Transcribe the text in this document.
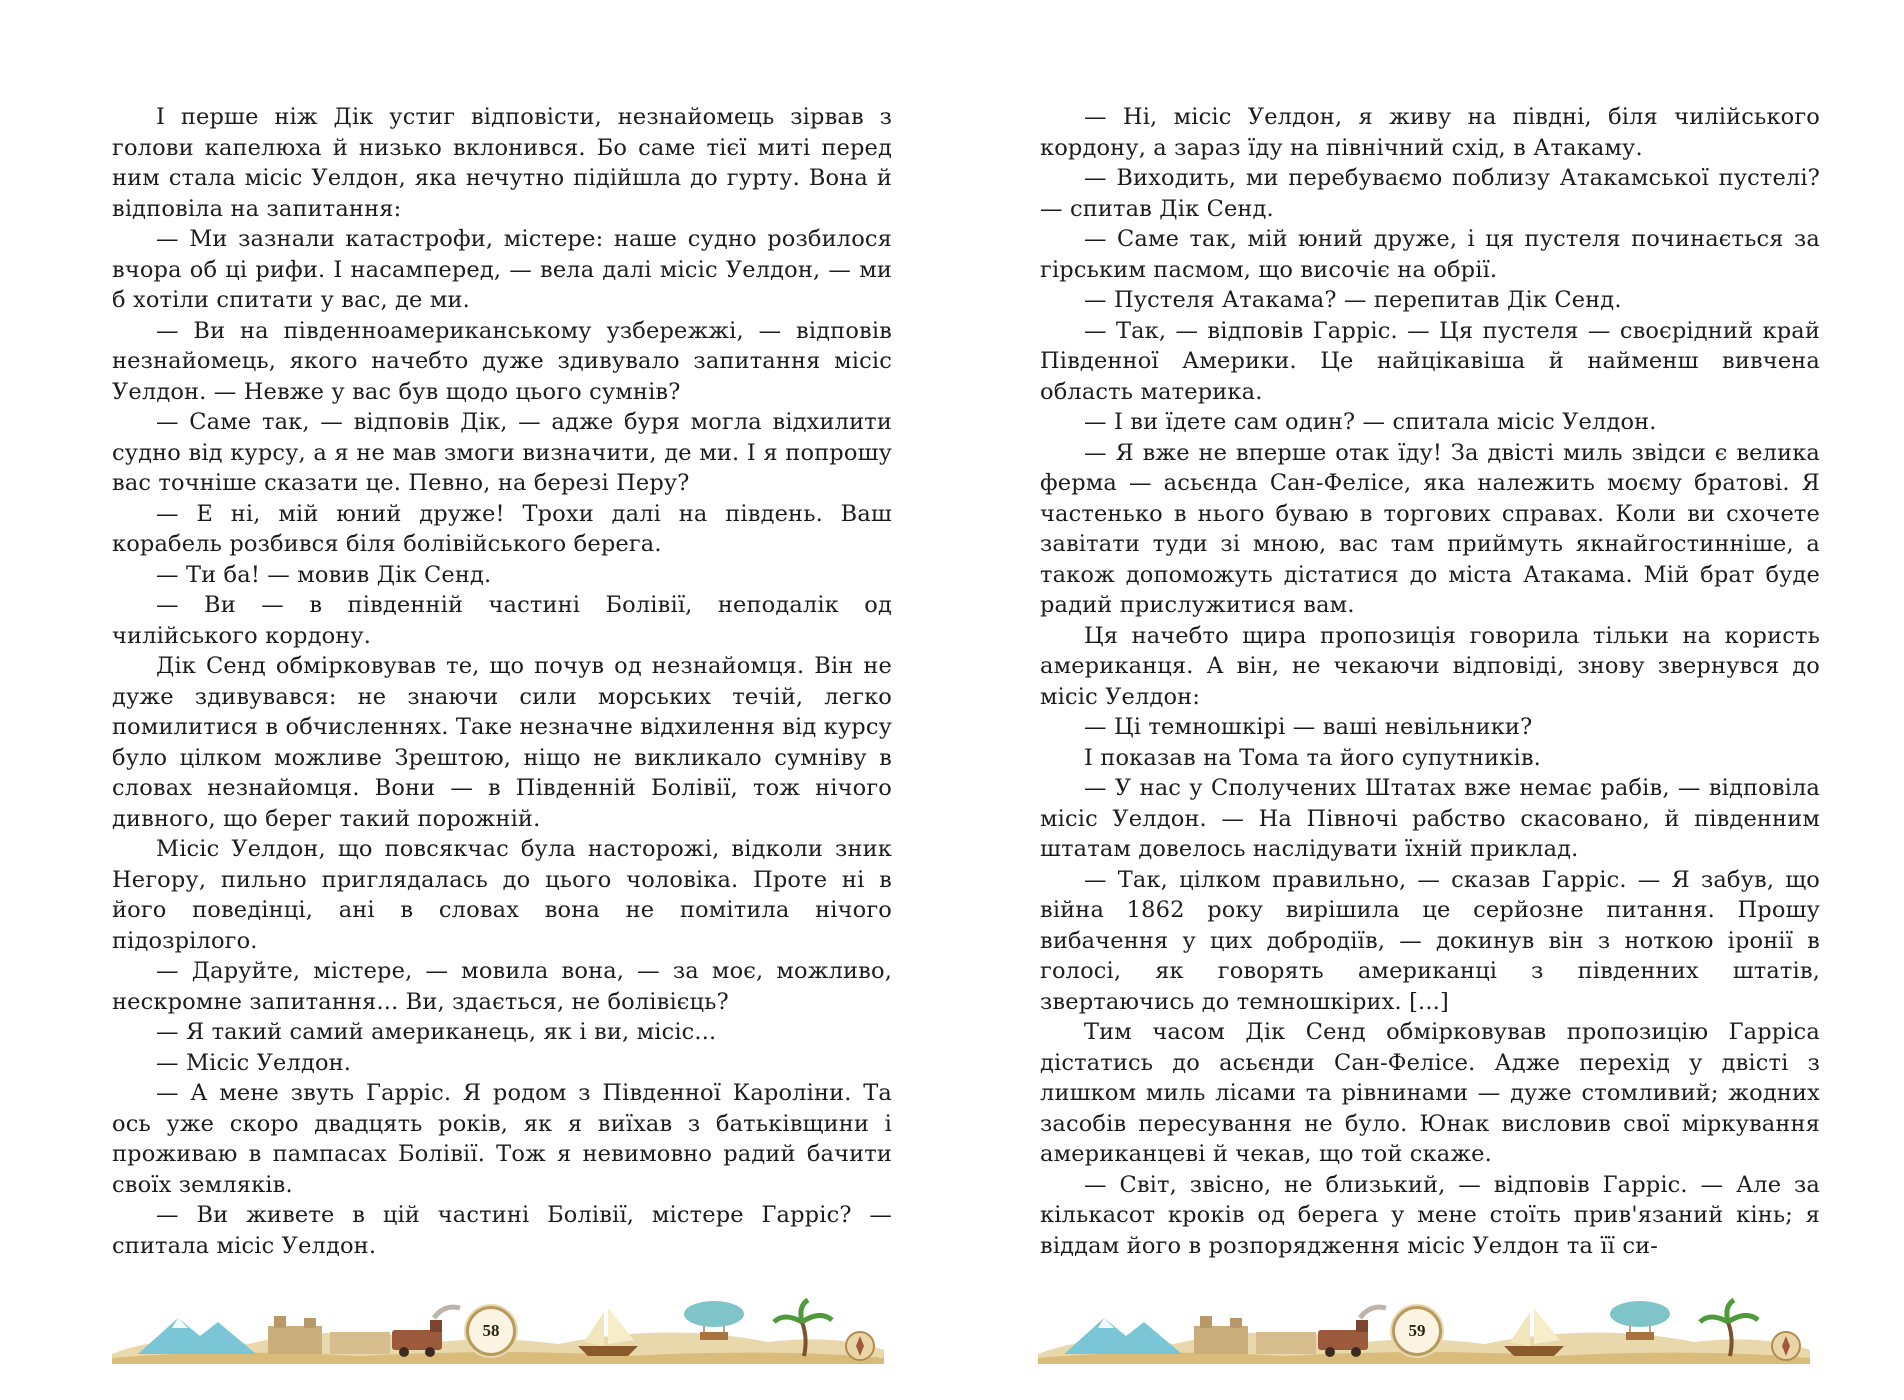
І перше ніж Дік устиг відповісти, незнайомець зірвав з голови капелюха й низько вклонився. Бо саме тієї миті перед ним стала місіс Уелдон, яка нечутно підійшла до гурту. Вона й відповіла на запитання:

— Ми зазнали катастрофи, містере: наше судно розбилося вчора об ці рифи. І насамперед, — вела далі місіс Уелдон, — ми б хотіли спитати у вас, де ми.

— Ви на південноамериканському узбережжі, — відповів незнайомець, якого начебто дуже здивувало запитання місіс Уелдон. — Невже у вас був щодо цього сумнів?

— Саме так, — відповів Дік, — адже буря могла відхилити судно від курсу, а я не мав змоги визначити, де ми. І я попрошу вас точніше сказати це. Певно, на березі Перу?

— Е ні, мій юний друже! Трохи далі на південь. Ваш корабель розбився біля болівійського берега.

— Ти ба! — мовив Дік Сенд.

— Ви — в південній частині Болівії, неподалік од чилійського кордону.

Дік Сенд обмірковував те, що почув од незнайомця. Він не дуже здивувався: не знаючи сили морських течій, легко помилитися в обчисленнях. Таке незначне відхилення від курсу було цілком можливе Зрештою, ніщо не викликало сумніву в словах незнайомця. Вони — в Південній Болівії, тож нічого дивного, що берег такий порожній.

Місіс Уелдон, що повсякчас була насторожі, відколи зник Негору, пильно приглядалась до цього чоловіка. Проте ні в його поведінці, ані в словах вона не помітила нічого підозрілого.

— Даруйте, містере, — мовила вона, — за моє, можливо, нескромне запитання... Ви, здається, не болівієць?

— Я такий самий американець, як і ви, місіс...

— Місіс Уелдон.

— А мене звуть Гарріс. Я родом з Південної Кароліни. Та ось уже скоро двадцять років, як я виїхав з батьківщини і проживаю в пампасах Болівії. Тож я невимовно радий бачити своїх земляків.

— Ви живете в цій частині Болівії, містере Гарріс? — спитала місіс Уелдон.

58

— Ні, місіс Уелдон, я живу на півдні, біля чилійського кордону, а зараз їду на північний схід, в Атакаму.

— Виходить, ми перебуваємо поблизу Атакамської пустелі? — спитав Дік Сенд.

— Саме так, мій юний друже, і ця пустеля починається за гірським пасмом, що височіє на обрії.

— Пустеля Атакама? — перепитав Дік Сенд.

— Так, — відповів Гарріс. — Ця пустеля — своєрідний край Південної Америки. Це найцікавіша й найменш вивчена область материка.

— І ви їдете сам один? — спитала місіс Уелдон.

— Я вже не вперше отак їду! За двісті миль звідси є велика ферма — асьєнда Сан-Фелісе, яка належить моєму братові. Я частенько в нього буваю в торгових справах. Коли ви схочете завітати туди зі мною, вас там приймуть якнайгостинніше, а також допоможуть дістатися до міста Атакама. Мій брат буде радий прислужитися вам.

Ця начебто щира пропозиція говорила тільки на користь американця. А він, не чекаючи відповіді, знову звернувся до місіс Уелдон:

— Ці темношкірі — ваші невільники?

І показав на Тома та його супутників.

— У нас у Сполучених Штатах вже немає рабів, — відповіла місіс Уелдон. — На Півночі рабство скасовано, й південним штатам довелось наслідувати їхній приклад.

— Так, цілком правильно, — сказав Гарріс. — Я забув, що війна 1862 року вирішила це серйозне питання. Прошу вибачення у цих добродіїв, — докинув він з ноткою іронії в голосі, як говорять американці з південних штатів, звертаючись до темношкірих. [...]

Тим часом Дік Сенд обмірковував пропозицію Гарріса дістатись до асьєнди Сан-Фелісе. Адже перехід у двісті з лишком миль лісами та рівнинами — дуже стомливий; жодних засобів пересування не було. Юнак висловив свої міркування американцеві й чекав, що той скаже.

— Світ, звісно, не близький, — відповів Гарріс. — Але за кількасот кроків од берега у мене стоїть прив'язаний кінь; я віддам його в розпорядження місіс Уелдон та її си-

59
